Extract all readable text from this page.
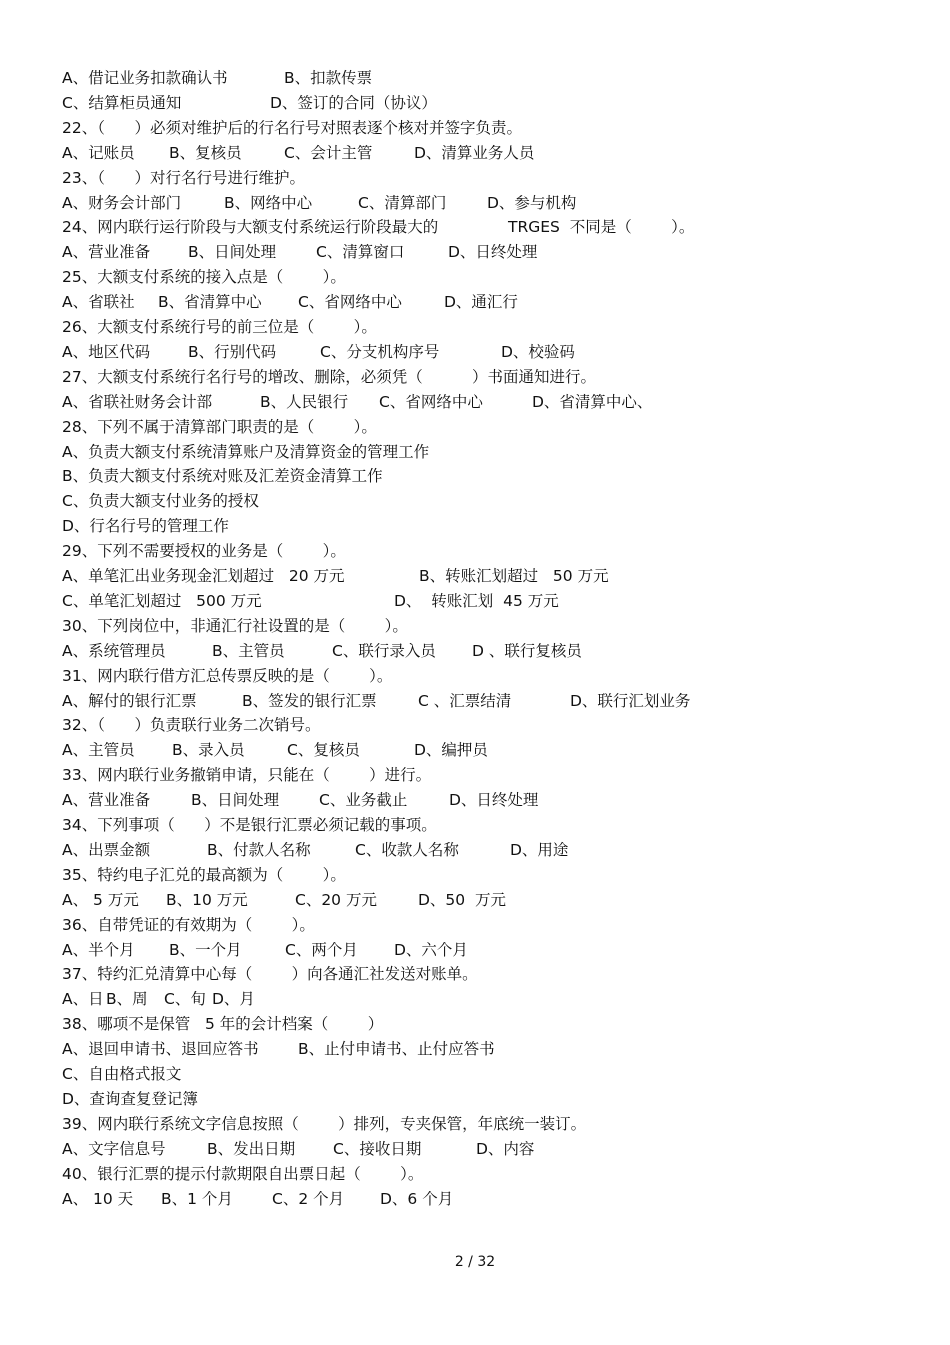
A、借记业务扣款确认书	B、扣款传票
C、结算柜员通知	D、签订的合同（协议）
22、（      ）必须对维护后的行名行号对照表逐个核对并签字负责。
A、记账员 B、复核员	C、会计主管	D、清算业务人员
23、（      ）对行名行号进行维护。
A、财务会计部门	B、网络中心	C、清算部门	D、参与机构
24、网内联行运行阶段与大额支付系统运行阶段最大的	TRGES  不同是（        ）。
A、营业准备 B、日间处理	C、清算窗口	D、日终处理
25、大额支付系统的接入点是（        ）。
A、省联社 B、省清算中心 C、省网络中心	D、通汇行
26、大额支付系统行号的前三位是（        ）。
A、地区代码 B、行别代码	C、分支机构序号	D、校验码
27、大额支付系统行名行号的增改、删除，必须凭（          ）书面通知进行。
A、省联社财务会计部	B、人民银行 C、省网络中心	D、省清算中心、
28、下列不属于清算部门职责的是（        ）。
A、负责大额支付系统清算账户及清算资金的管理工作
B、负责大额支付系统对账及汇差资金清算工作
C、负责大额支付业务的授权
D、行名行号的管理工作
29、下列不需要授权的业务是（        ）。
A、单笔汇出业务现金汇划超过   20 万元	B、转账汇划超过   50 万元
C、单笔汇划超过   500 万元	D、  转账汇划  45 万元
30、下列岗位中，非通汇行社设置的是（        ）。
A、系统管理员	B、主管员	C、联行录入员 D 、联行复核员
31、网内联行借方汇总传票反映的是（        ）。
A、解付的银行汇票	B、签发的银行汇票	C 、汇票结清	D、联行汇划业务
32、（      ）负责联行业务二次销号。
A、主管员 B、录入员	C、复核员	D、编押员
33、网内联行业务撤销申请，只能在（        ）进行。
A、营业准备	B、日间处理	C、业务截止	D、日终处理
34、下列事项（      ）不是银行汇票必须记载的事项。
A、出票金额	B、付款人名称	C、收款人名称	D、用途
35、特约电子汇兑的最高额为（        ）。
A、 5 万元 B、10 万元	C、20 万元	D、50  万元
36、自带凭证的有效期为（        ）。
A、半个月 B、一个月	C、两个月 D、六个月
37、特约汇兑清算中心每（        ）向各通汇社发送对账单。
A、日 B、周 C、旬 D、月
38、哪项不是保管   5 年的会计档案（        ）
A、退回申请书、退回应答书	B、止付申请书、止付应答书
C、自由格式报文
D、查询查复登记簿
39、网内联行系统文字信息按照（        ）排列，专夹保管，年底统一装订。
A、文字信息号	B、发出日期 C、接收日期	D、内容
40、银行汇票的提示付款期限自出票日起（        ）。
A、 10 天 B、1 个月	C、2 个月 D、6 个月
2 / 32
